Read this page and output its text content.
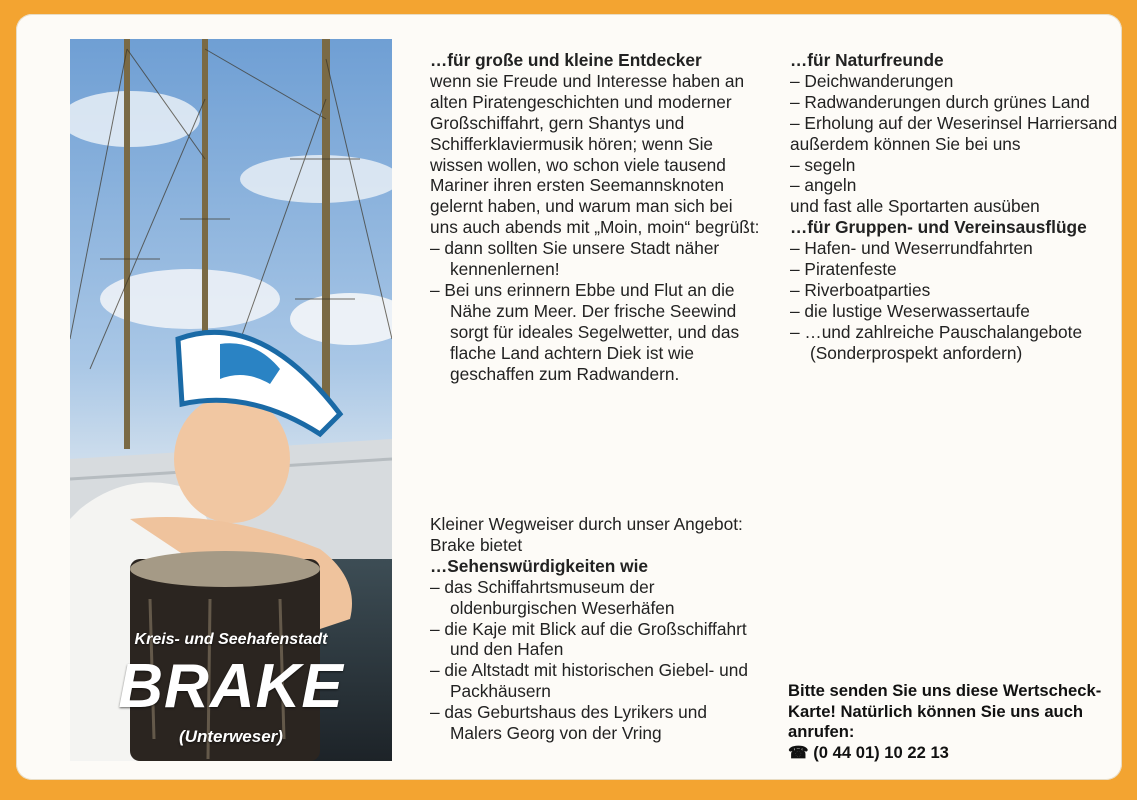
Kreis- und Seehafenstadt
BRAKE
(Unterweser)

…für große und kleine Entdecker

wenn sie Freude und Interesse haben an alten Piratengeschichten und moderner Großschiffahrt, gern Shantys und Schifferklaviermusik hören; wenn Sie wissen wollen, wo schon viele tausend Mariner ihren ersten Seemannsknoten gelernt haben, und warum man sich bei uns auch abends mit „Moin, moin“ begrüßt:

– dann sollten Sie unsere Stadt näher kennenlernen!

– Bei uns erinnern Ebbe und Flut an die Nähe zum Meer. Der frische Seewind sorgt für ideales Segelwetter, und das flache Land achtern Diek ist wie geschaffen zum Radwandern.

…für Naturfreunde

– Deichwanderungen

– Radwanderungen durch grünes Land

– Erholung auf der Weserinsel Harriersand

außerdem können Sie bei uns

– segeln

– angeln

und fast alle Sportarten ausüben

…für Gruppen- und Vereinsausflüge

– Hafen- und Weserrundfahrten

– Piratenfeste

– Riverboatparties

– die lustige Weserwassertaufe

– …und zahlreiche Pauschalangebote (Sonderprospekt anfordern)

Kleiner Wegweiser durch unser Angebot:

Brake bietet

…Sehenswürdigkeiten wie

– das Schiffahrtsmuseum der oldenburgischen Weserhäfen

– die Kaje mit Blick auf die Großschiffahrt und den Hafen

– die Altstadt mit historischen Giebel- und Packhäusern

– das Geburtshaus des Lyrikers und Malers Georg von der Vring

Bitte senden Sie uns diese Wertscheck-Karte! Natürlich können Sie uns auch anrufen:
☎ (0 44 01) 10 22 13
